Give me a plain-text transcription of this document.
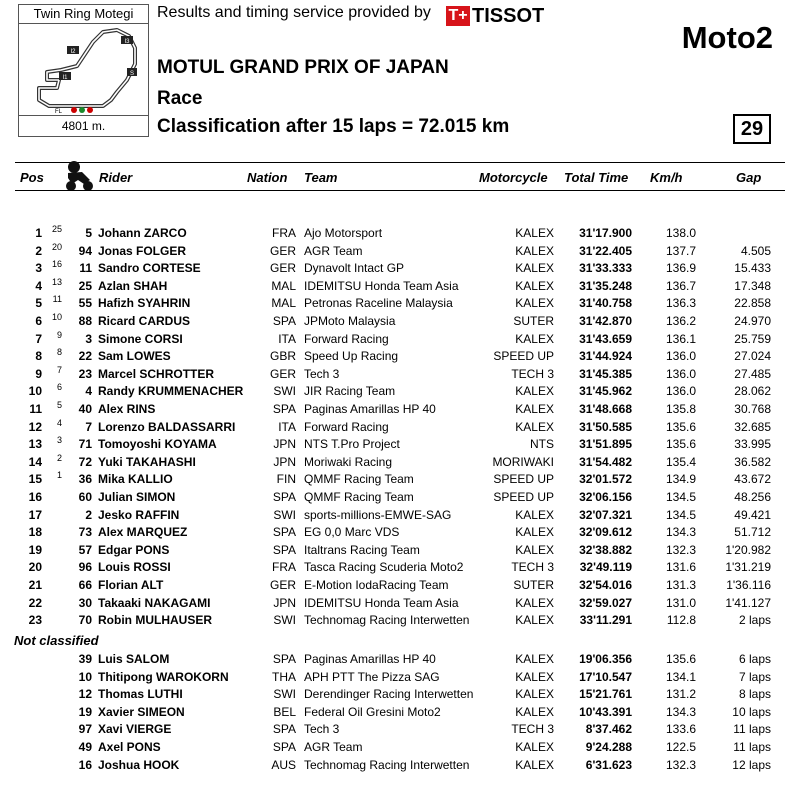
Twin Ring Motegi
I2
I3
I1
S
FL
4801 m.
Results and timing service provided by T+ TISSOT
Moto2
MOTUL GRAND PRIX OF JAPAN
Race
Classification after 15 laps = 72.015 km	29
Pos	Rider	Nation Team	Motorcycle Total Time Km/h	Gap
1	25	5 Johann ZARCO	FRA Ajo Motorsport	KALEX	31'17.900	138.0
2	20	94 Jonas FOLGER	GER AGR Team	KALEX	31'22.405	137.7	4.505
3	16	11 Sandro CORTESE	GER Dynavolt Intact GP	KALEX	31'33.333	136.9	15.433
4	13	25 Azlan SHAH	MAL IDEMITSU Honda Team Asia	KALEX	31'35.248	136.7	17.348
5	11	55 Hafizh SYAHRIN	MAL Petronas Raceline Malaysia	KALEX	31'40.758	136.3	22.858
6	10	88 Ricard CARDUS	SPA JPMoto Malaysia	SUTER	31'42.870	136.2	24.970
7	9	3 Simone CORSI	ITA Forward Racing	KALEX	31'43.659	136.1	25.759
8	8	22 Sam LOWES	GBR Speed Up Racing	SPEED UP	31'44.924	136.0	27.024
9	7	23 Marcel SCHROTTER	GER Tech 3	TECH 3	31'45.385	136.0	27.485
10	6	4 Randy KRUMMENACHER	SWI JIR Racing Team	KALEX	31'45.962	136.0	28.062
11	5	40 Alex RINS	SPA Paginas Amarillas HP 40	KALEX	31'48.668	135.8	30.768
12	4	7 Lorenzo BALDASSARRI	ITA Forward Racing	KALEX	31'50.585	135.6	32.685
13	3	71 Tomoyoshi KOYAMA	JPN NTS T.Pro Project	NTS	31'51.895	135.6	33.995
14	2	72 Yuki TAKAHASHI	JPN Moriwaki Racing	MORIWAKI	31'54.482	135.4	36.582
15	1	36 Mika KALLIO	FIN QMMF Racing Team	SPEED UP	32'01.572	134.9	43.672
16	60 Julian SIMON	SPA QMMF Racing Team	SPEED UP	32'06.156	134.5	48.256
17	2 Jesko RAFFIN	SWI sports-millions-EMWE-SAG	KALEX	32'07.321	134.5	49.421
18	73 Alex MARQUEZ	SPA EG 0,0 Marc VDS	KALEX	32'09.612	134.3	51.712
19	57 Edgar PONS	SPA Italtrans Racing Team	KALEX	32'38.882	132.3	1'20.982
20	96 Louis ROSSI	FRA Tasca Racing Scuderia Moto2	TECH 3	32'49.119	131.6	1'31.219
21	66 Florian ALT	GER E-Motion IodaRacing Team	SUTER	32'54.016	131.3	1'36.116
22	30 Takaaki NAKAGAMI	JPN IDEMITSU Honda Team Asia	KALEX	32'59.027	131.0	1'41.127
23	70 Robin MULHAUSER	SWI Technomag Racing Interwetten	KALEX	33'11.291	112.8	2 laps
Not classified
39 Luis SALOM	SPA Paginas Amarillas HP 40	KALEX	19'06.356	135.6	6 laps
10 Thitipong WAROKORN	THA APH PTT The Pizza SAG	KALEX	17'10.547	134.1	7 laps
12 Thomas LUTHI	SWI Derendinger Racing Interwetten	KALEX	15'21.761	131.2	8 laps
19 Xavier SIMEON	BEL Federal Oil Gresini Moto2	KALEX	10'43.391	134.3	10 laps
97 Xavi VIERGE	SPA Tech 3	TECH 3	8'37.462	133.6	11 laps
49 Axel PONS	SPA AGR Team	KALEX	9'24.288	122.5	11 laps
16 Joshua HOOK	AUS Technomag Racing Interwetten	KALEX	6'31.623	132.3	12 laps
